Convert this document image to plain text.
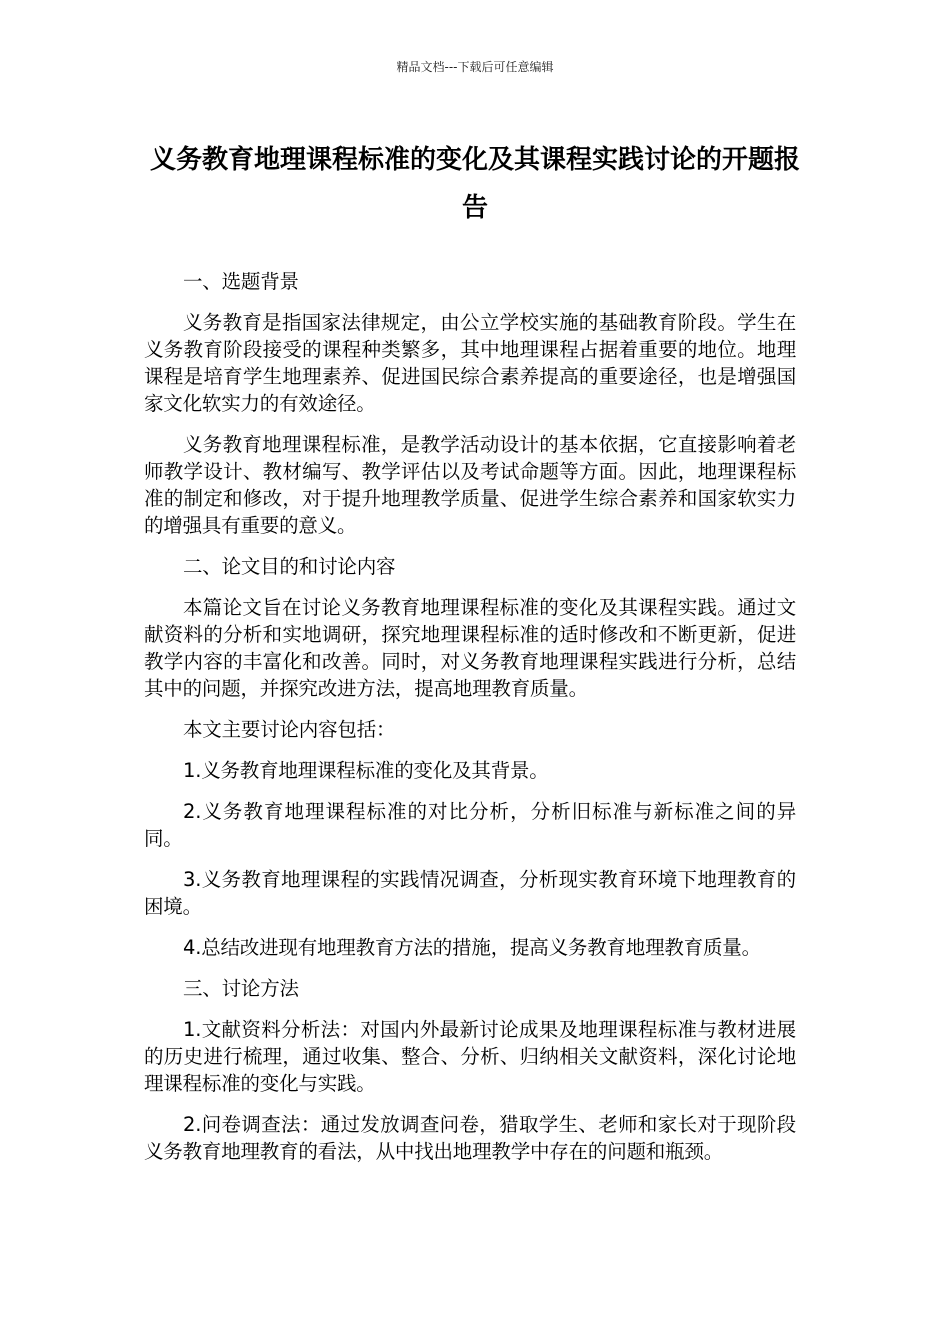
精品文档---下载后可任意编辑
义务教育地理课程标准的变化及其课程实践讨论的开题报告

一、选题背景

义务教育是指国家法律规定，由公立学校实施的基础教育阶段。学生在义务教育阶段接受的课程种类繁多，其中地理课程占据着重要的地位。地理课程是培育学生地理素养、促进国民综合素养提高的重要途径，也是增强国家文化软实力的有效途径。

义务教育地理课程标准，是教学活动设计的基本依据，它直接影响着老师教学设计、教材编写、教学评估以及考试命题等方面。因此，地理课程标准的制定和修改，对于提升地理教学质量、促进学生综合素养和国家软实力的增强具有重要的意义。

二、论文目的和讨论内容

本篇论文旨在讨论义务教育地理课程标准的变化及其课程实践。通过文献资料的分析和实地调研，探究地理课程标准的适时修改和不断更新，促进教学内容的丰富化和改善。同时，对义务教育地理课程实践进行分析，总结其中的问题，并探究改进方法，提高地理教育质量。

本文主要讨论内容包括：

1.义务教育地理课程标准的变化及其背景。

2.义务教育地理课程标准的对比分析，分析旧标准与新标准之间的异同。

3.义务教育地理课程的实践情况调查，分析现实教育环境下地理教育的困境。

4.总结改进现有地理教育方法的措施，提高义务教育地理教育质量。

三、讨论方法

1.文献资料分析法：对国内外最新讨论成果及地理课程标准与教材进展的历史进行梳理，通过收集、整合、分析、归纳相关文献资料，深化讨论地理课程标准的变化与实践。

2.问卷调查法：通过发放调查问卷，猎取学生、老师和家长对于现阶段义务教育地理教育的看法，从中找出地理教学中存在的问题和瓶颈。
